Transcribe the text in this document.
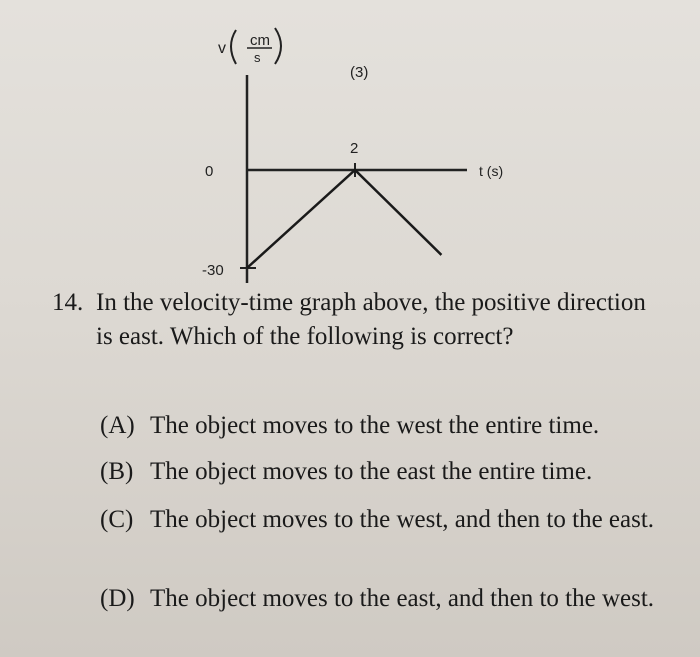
v cm
s
(3)
0
-30
2
t (s)
14. In the velocity-time graph above, the positive direction is east. Which of the following is correct?
(A) The object moves to the west the entire time.
(B) The object moves to the east the entire time.
(C) The object moves to the west, and then to the east.
(D) The object moves to the east, and then to the west.
